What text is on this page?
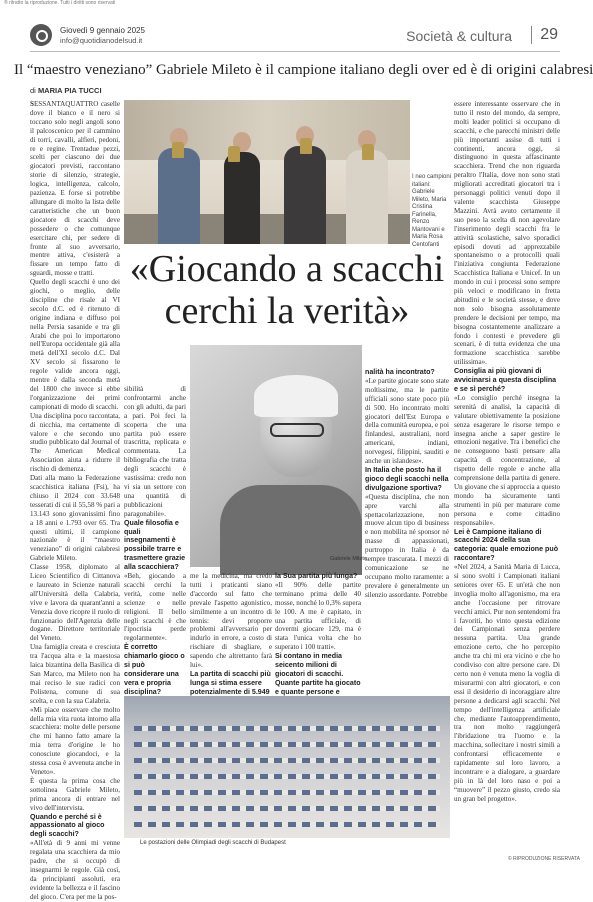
® ritratto la riproduzione. Tutti i diritti sono riservati
Giovedì 9 gennaio 2025
info@quotidianodelsud.it	Società & cultura	29
Il “maestro veneziano” Gabriele Mileto è il campione italiano degli over ed è di origini calabresi
di MARIA PIA TUCCI
I neo campioni italiani: Gabriele Mileto, Maria Cristina Farinella, Renzo Mantovani e Maria Rosa Centofanti
«Giocando a scacchi cerchi la verità»

SESSANTAQUATTRO caselle dove il bianco e il nero si toccano solo negli angoli sono il palcoscenico per il cammino di torri, cavalli, alfieri, pedoni, re e regine. Trentadue pezzi, scelti per ciascuno dei due giocatori previsti, raccontano storie di silenzio, strategie, logica, intelligenza, calcolo, pazienza. E forse si potrebbe allungare di molto la lista delle caratteristiche che un buon giocatore di scacchi deve possedere o che comunque esercitare chi, per sedere di fronte al suo avversario, mentre attiva, c'esisterà a fissare un tempo fatto di sguardi, mosse e tratti.

Quello degli scacchi è uno dei giochi, o meglio, delle discipline che risale al VI secolo d.C. ed è ritenuto di origine indiana e diffuso poi nella Persia sasanide e tra gli Arabi che poi lo importarono nell'Europa occidentale già alla metà dell'XI secolo d.C. Dal XV secolo si fissarono le regole valide ancora oggi, mentre è dalla seconda metà del 1800 che invece si ebbe l'organizzazione dei primi campionati di modo di scacchi.

Una disciplina poco raccontata, di nicchia, ma certamente di valore e che secondo uno studio pubblicato dal Journal of The American Medical Association aiuta a ridurre il rischio di demenza.

Dati alla mano la Federazione scacchistica italiana (Fsi), ha chiuso il 2024 con 33.648 tesserati di cui il 55,58 % pari a 13.143 sono giovanissimi fino a 18 anni e 1.793 over 65. Tra questi ultimi, il campione nazionale è il “maestro veneziano” di origini calabresi Gabriele Mileto.

Classe 1958, diplomato al Liceo Scientifico di Cittanova e laureato in Scienze naturali all'Università della Calabria, vive e lavora da quarant'anni a Venezia dove ricopre il ruolo di funzionario dell'Agenzia delle dogane. Direttore territoriale del Veneto.

Una famiglia creata e cresciuta tra l'acqua alta e la maestosa laica bizantina della Basilica di San Marco, ma Mileto non ha mai reciso le sue radici con Polistena, comune di sua scelta, e con la sua Calabria.

«Mi piace osservare che molto della mia vita ruota intorno alla scacchiera: molte delle persone che mi hanno fatto amare la mia terra d'origine le ho conosciute giocandoci, e la stessa cosa è avvenuta anche in Veneto».

È questa la prima cosa che sottolinea Gabriele Mileto, prima ancora di entrare nel vivo dell'intervista.

Quando e perché si è appassionato al gioco degli scacchi?

«All'età di 9 anni mi venne regalata una scacchiera da mio padre, che si occupò di insegnarmi le regole. Già così, da principianti assoluti, era evidente la bellezza e il fascino del gioco. C'era per me la pos-

sibilità di confrontarmi anche con gli adulti, da pari a pari. Poi feci la scoperta che una partita può essere trascritta, replicata e commentata. La bibliografia che tratta degli scacchi è vastissima: credo non vi sia un settore con una quantità di pubblicazioni paragonabile».

Quale filosofia e quali insegnamenti è possibile trarre e trasmettere grazie alla scacchiera?

«Beh, giocando a scacchi cerchi la verità, come nelle scienze e nelle religioni. Il bello negli scacchi è che l'ipocrisia perde regolarmente».

È corretto chiamarlo gioco o si può considerare una vera e propria disciplina?

Gabriele Mileto

me la medicina, ma credo tutti i praticanti siano d'accordo sul fatto che prevale l'aspetto agonistico, similmente a un incontro di tennis: devi proporre problemi all'avversario per indurlo in errore, a costo di rischiare di sbagliare, e sapendo che altrettanto farà lui».

La partita di scacchi più lunga si stima essere potenzialmente di 5.949

la Sua partita più lunga?

«Il 90% delle partite terminano prima delle 40 mosse, nonché lo 0,3% supera le 100. A me è capitato, in una partita ufficiale, di dovermi giocare 129, ma è stata l'unica volta che ho superato i 100 tratti».

Si contano in media seicento milioni di giocatori di scacchi. Quante partite ha giocato e quante persone e

nalità ha incontrato?

«Le partite giocate sono state moltissime, ma le partite ufficiali sono state poco più di 500. Ho incontrato molti giocatori dell'Est Europa e della comunità europea, e poi finlandesi, australiani, nord americani, indiani, norvegesi, filippini, sauditi e anche un islandese».

In Italia che posto ha il gioco degli scacchi nella divulgazione sportiva?

«Questa disciplina, che non apre varchi alla spettacolarizzazione, non muove alcun tipo di business e non mobilita né sponsor né masse di appassionati, purtroppo in Italia è da sempre trascurata. I mezzi di comunicazione se ne occupano molto raramente: a prevalere è generalmente un silenzio assordante. Potrebbe

essere interessante osservare che in tutto il resto del mondo, da sempre, molti leader politici si occupano di scacchi, e che parecchi ministri delle più importanti assise di tutti i continenti, ancora oggi, si distinguono in questa affascinante scacchiera. Trend che non riguarda peraltro l'Italia, dove non sono stati migliorati accreditati giocatori tra i personaggi politici venuti dopo il valente scacchista Giuseppe Mazzini. Avrà avuto certamente il suo peso la scelta di non agevolare l'inserimento degli scacchi fra le attività scolastiche, salvo sporadici episodi dovuti ad apprezzabile spontaneismo o a protocolli quali l'iniziativa congiunta Federazione Scacchistica Italiana e Unicef. In un mondo in cui i processi sono sempre più veloci e modificano in fretta abitudini e le società stesse, e dove non solo bisogna assolutamente prendere le decisioni per tempo, ma bisogna costantemente analizzare a fondo i contesti e prevedere gli scenari, è di tutta evidenza che una formazione scacchistica sarebbe utilissima».

Consiglia ai più giovani di avvicinarsi a questa disciplina e se sì perché?

«Lo consiglio perché insegna la serenità di analisi, la capacità di valutare obiettivamente la posizione senza esagerare le risorse tempo e insegna anche a saper gestire le emozioni negative. Tra i benefici che ne conseguono basti pensare alla capacità di concentrazione, al rispetto delle regole e anche alla comprensione della partita di genere. Un giovane che si approccia a questo mondo ha sicuramente tanti strumenti in più per maturare come persona e come cittadino responsabile».

Lei è Campione italiano di scacchi 2024 della sua categoria: quale emozione può raccontare?

«Nel 2024, a Sanità Maria di Lucca, si sono svolti i Campionati italiani seniores over 65. E un'età che non invoglia molto all'agonismo, ma era anche l'occasione per ritrovare vecchi amici. Pur non sentendomi fra i favoriti, ho vinto questa edizione dei Campionati senza perdere nessuna partita. Una grande emozione certo, che ho percepito anche tra chi mi era vicino e che ho condiviso con altre persone care. Di certo non è venuta meno la voglia di misurarmi con altri giocatori, e con essi il desiderio di incoraggiare altre persone a dedicarsi agli scacchi. Nel tempo dell'intelligenza artificiale che, mediante l'autoapprendimento, tra non molto raggiungerà l'ibridazione tra l'uomo e la macchina, sollecitare i nostri simili a confrontarsi efficacemente e rapidamente sul loro lavoro, a incontrare e a dialogare, a guardare più in là del loro naso e poi a “muovere” il pezzo giusto, credo sia un gran bel progetto».

Le postazioni delle Olimpiadi degli scacchi di Budapest
© RIPRODUZIONE RISERVATA
